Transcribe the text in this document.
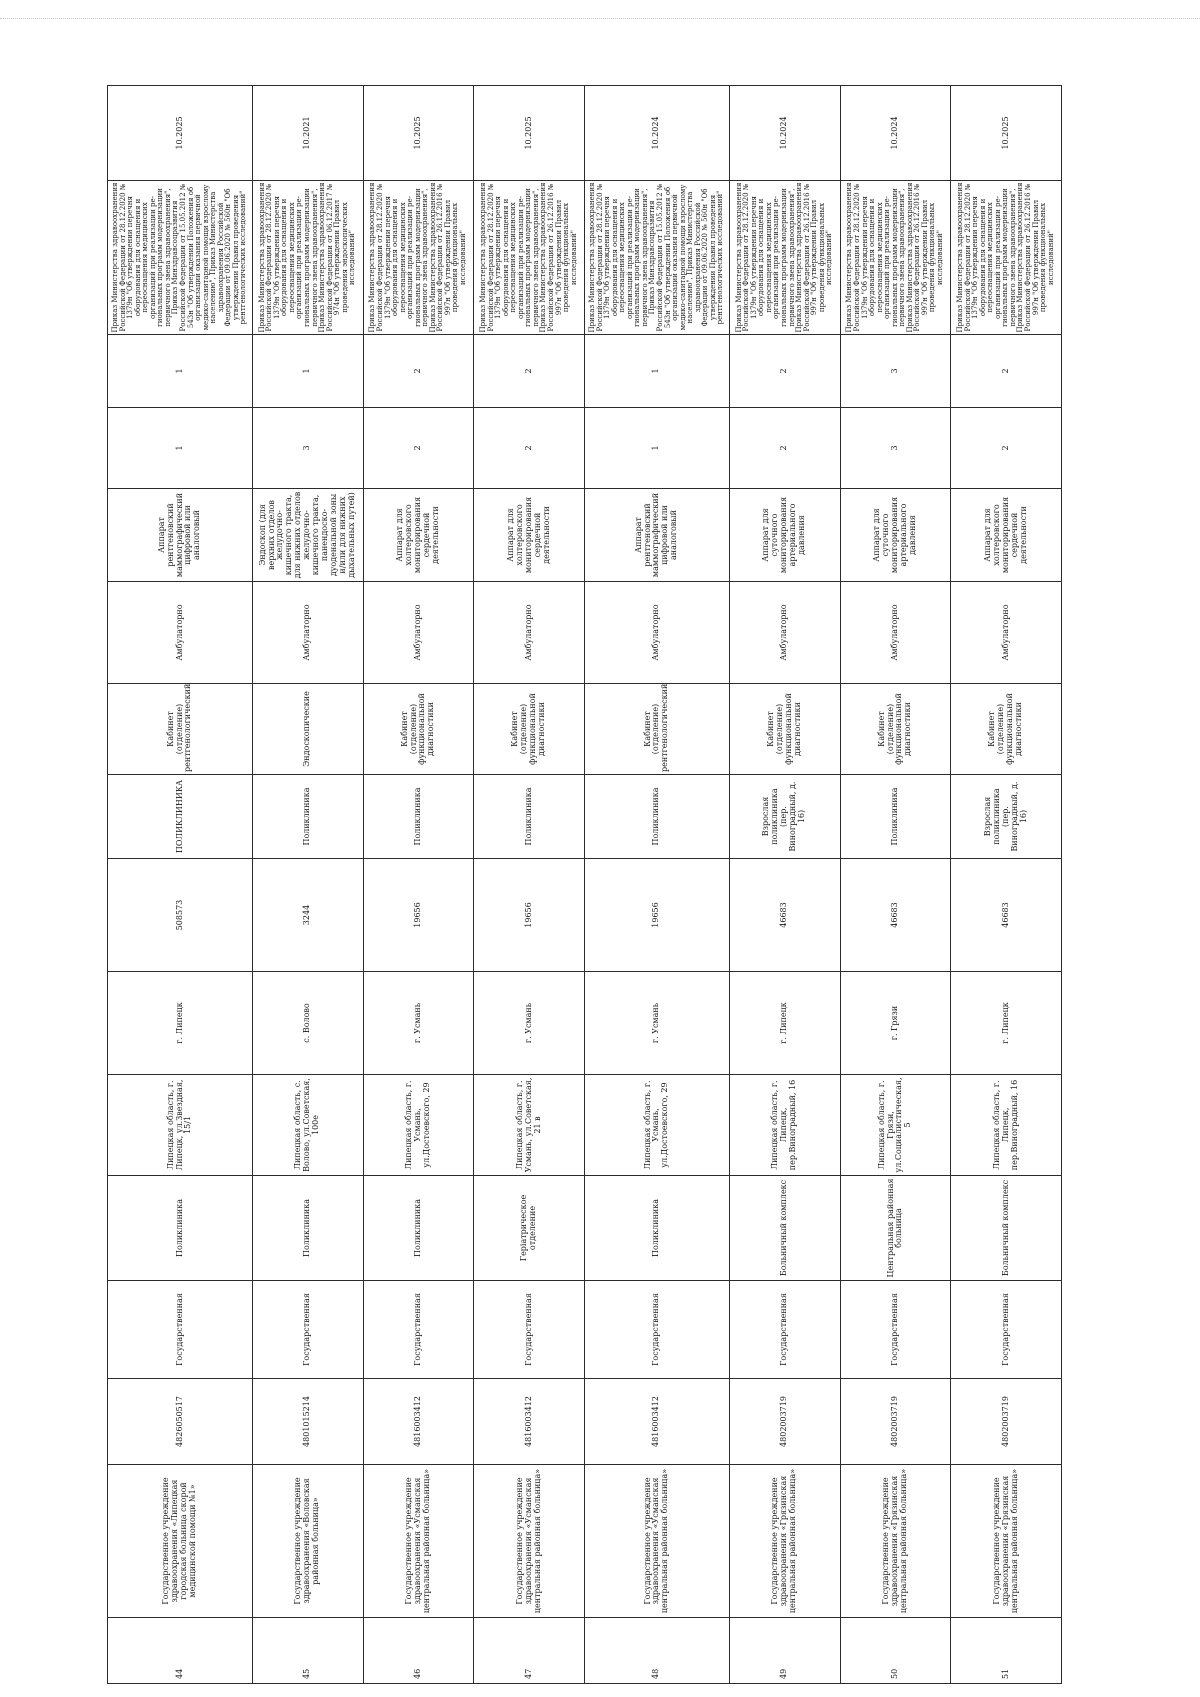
44	Государственное учреждение здравоохранения «Липецкая городская больница скорой медицинской помощи №1»	4826050517	Государственная	Поликлиника	Липецкая область, г. Липецк, ул.Звездная, 15/1	г. Липецк	508573	ПОЛИКЛИНИКА	Кабинет (отделение) рентгенологический	Амбулаторно	Аппарат рентгеновский маммографический цифровой или аналоговый	1	1	Приказ Министерства здравоохранения Российской Федерации от 28.12.2020 № 1379н "Об утверждении перечня оборудования для оснащения и переоснащения медицинских организаций при реализации ре-гиональных программ модернизации первичного звена здравоохранения", Приказ Минздравсоцразвития Российской Федерации от 15.05.2012 № 543н "Об утверждении Положения об организации оказания первичной медико-санитарной помощи взрослому населению", Приказ Министерства здравоохранения Российской Федерации от 09.06.2020 № 560н "Об утверждении Правил проведения рентгенологических исследований"	10.2025
45	Государственное учреждение здравоохранения «Воловская районная больница»	4801015214	Государственная	Поликлиника	Липецкая область, с. Волово, ул.Советская, 100е	с. Волово	3244	Поликлиника	Эндоскопические	Амбулаторно	Эндоскоп (для верхних отделов желудочно-кишечного тракта, для нижних отделов желудочно-кишечного тракта, панендоско-дуоденальной зоны и/или для нижних дыхательных путей)	3	1	Приказ Министерства здравоохранения Российской Федерации от 28.12.2020 № 1379н "Об утверждении перечня оборудования для оснащения и переоснащения медицинских организаций при реализации ре-гиональных программ модернизации первичного звена здравоохранения", Приказ Министерства здравоохранения Российской Федерации от 06.12.2017 № 974н "Об утверждении Правил проведения эндоскопических исследований"	10.2021
46	Государственное учреждение здравоохранения «Усманская центральная районная больница»	4816003412	Государственная	Поликлиника	Липецкая область, г. Усмань, ул.Достоевского, 29	г. Усмань	19656	Поликлиника	Кабинет (отделение) функциональной диагностики	Амбулаторно	Аппарат для холтеровского мониторирования сердечной деятельности	2	2	Приказ Министерства здравоохранения Российской Федерации от 28.12.2020 № 1379н "Об утверждении перечня оборудования для оснащения и переоснащения медицинских организаций при реализации ре-гиональных программ модернизации первичного звена здравоохранения", Приказ Министерства здравоохранения Российской Федерации от 26.12.2016 № 997н "Об утверждении Правил проведения функциональных исследований"	10.2025
47	Государственное учреждение здравоохранения «Усманская центральная районная больница»	4816003412	Государственная	Герiатрическое отделение	Липецкая область, г. Усмань, ул.Советская, 21 в	г. Усмань	19656	Поликлиника	Кабинет (отделение) функциональной диагностики	Амбулаторно	Аппарат для холтеровского мониторирования сердечной деятельности	2	2	Приказ Министерства здравоохранения Российской Федерации от 28.12.2020 № 1379н "Об утверждении перечня оборудования для оснащения и переоснащения медицинских организаций при реализации ре-гиональных программ модернизации первичного звена здравоохранения", Приказ Министерства здравоохранения Российской Федерации от 26.12.2016 № 997н "Об утверждении Правил проведения функциональных исследований"	10.2025
48	Государственное учреждение здравоохранения «Усманская центральная районная больница»	4816003412	Государственная	Поликлиника	Липецкая область, г. Усмань, ул.Достоевского, 29	г. Усмань	19656	Поликлиника	Кабинет (отделение) рентгенологический	Амбулаторно	Аппарат рентгеновский маммографический цифровой или аналоговый	1	1	Приказ Министерства здравоохранения Российской Федерации от 28.12.2020 № 1379н "Об утверждении перечня оборудования для оснащения и переоснащения медицинских организаций при реализации ре-гиональных программ модернизации первичного звена здравоохранения", Приказ Минздравсоцразвития Российской Федерации от 15.05.2012 № 543н "Об утверждении Положения об организации оказания первичной медико-санитарной помощи взрослому населению", Приказ Министерства здравоохранения Российской Федерации от 09.06.2020 № 560н "Об утверждении Правил проведения рентгенологических исследований"	10.2024
49	Государственное учреждение здравоохранения «Грязинская центральная районная больница»	4802003719	Государственная	Больничный комплекс	Липецкая область, г. Липецк, пер.Виноградный, 16	г. Липецк	46683	Взрослая поликлиника (пер. Виноградный, д. 16)	Кабинет (отделение) функциональной диагностики	Амбулаторно	Аппарат для суточного мониторирования артериального давления	2	2	Приказ Министерства здравоохранения Российской Федерации от 28.12.2020 № 1379н "Об утверждении перечня оборудования для оснащения и переоснащения медицинских организаций при реализации ре-гиональных программ модернизации первичного звена здравоохранения", Приказ Министерства здравоохранения Российской Федерации от 26.12.2016 № 997н "Об утверждении Правил проведения функциональных исследований"	10.2024
50	Государственное учреждение здравоохранения «Грязинская центральная районная больница»	4802003719	Государственная	Центральная районная больница	Липецкая область, г. Грязи, ул.Социалистическая, 5	г. Грязи	46683	Поликлиника	Кабинет (отделение) функциональной диагностики	Амбулаторно	Аппарат для суточного мониторирования артериального давления	3	3	Приказ Министерства здравоохранения Российской Федерации от 28.12.2020 № 1379н "Об утверждении перечня оборудования для оснащения и переоснащения медицинских организаций при реализации ре-гиональных программ модернизации первичного звена здравоохранения", Приказ Министерства здравоохранения Российской Федерации от 26.12.2016 № 997н "Об утверждении Правил проведения функциональных исследований"	10.2024
51	Государственное учреждение здравоохранения «Грязинская центральная районная больница»	4802003719	Государственная	Больничный комплекс	Липецкая область, г. Липецк, пер.Виноградный, 16	г. Липецк	46683	Взрослая поликлиника (пер. Виноградный, д. 16)	Кабинет (отделение) функциональной диагностики	Амбулаторно	Аппарат для холтеровского мониторирования сердечной деятельности	2	2	Приказ Министерства здравоохранения Российской Федерации от 28.12.2020 № 1379н "Об утверждении перечня оборудования для оснащения и переоснащения медицинских организаций при реализации ре-гиональных программ модернизации первичного звена здравоохранения", Приказ Министерства здравоохранения Российской Федерации от 26.12.2016 № 997н "Об утверждении Правил проведения функциональных исследований"	10.2025
